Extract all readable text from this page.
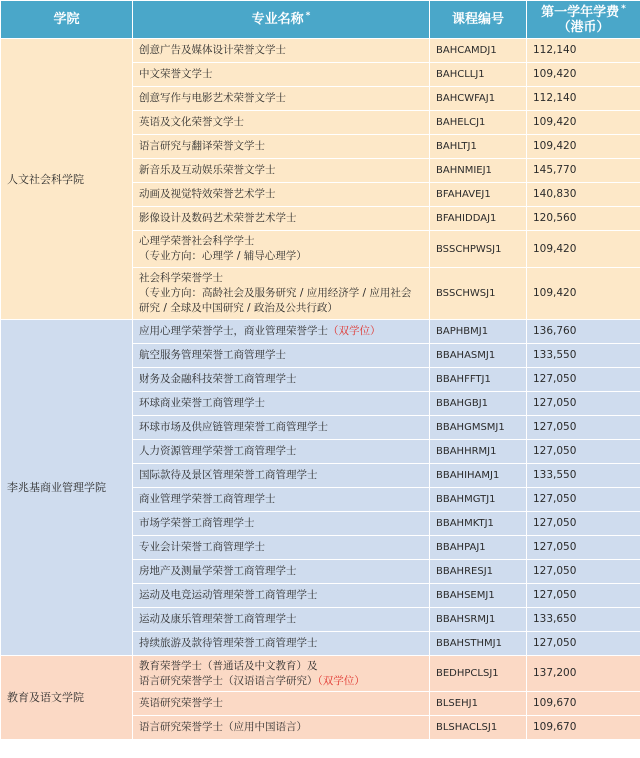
学院	专业名称 *	课程编号	第一学年学费 *
（港币）
人文社会科学院	创意广告及媒体设计荣誉文学士	BAHCAMDJ1	112,140
	中文荣誉文学士	BAHCLLJ1	109,420
	创意写作与电影艺术荣誉文学士	BAHCWFAJ1	112,140
	英语及文化荣誉文学士	BAHELCJ1	109,420
	语言研究与翻译荣誉文学士	BAHLTJ1	109,420
	新音乐及互动娱乐荣誉文学士	BAHNMIEJ1	145,770
	动画及视觉特效荣誉艺术学士	BFAHAVEJ1	140,830
	影像设计及数码艺术荣誉艺术学士	BFAHIDDAJ1	120,560
	心理学荣誉社会科学学士
（专业方向：心理学 / 辅导心理学）	BSSCHPWSJ1	109,420
	社会科学荣誉学士
（专业方向：高龄社会及服务研究 / 应用经济学 / 应用社会
研究 / 全球及中国研究 / 政治及公共行政）	BSSCHWSJ1	109,420
李兆基商业管理学院	应用心理学荣誉学士，商业管理荣誉学士（双学位）	BAPHBMJ1	136,760
	航空服务管理荣誉工商管理学士	BBAHASMJ1	133,550
	财务及金融科技荣誉工商管理学士	BBAHFFTJ1	127,050
	环球商业荣誉工商管理学士	BBAHGBJ1	127,050
	环球市场及供应链管理荣誉工商管理学士	BBAHGMSMJ1	127,050
	人力资源管理学荣誉工商管理学士	BBAHHRMJ1	127,050
	国际款待及景区管理荣誉工商管理学士	BBAHIHAMJ1	133,550
	商业管理学荣誉工商管理学士	BBAHMGTJ1	127,050
	市场学荣誉工商管理学士	BBAHMKTJ1	127,050
	专业会计荣誉工商管理学士	BBAHPAJ1	127,050
	房地产及测量学荣誉工商管理学士	BBAHRESJ1	127,050
	运动及电竞运动管理荣誉工商管理学士	BBAHSEMJ1	127,050
	运动及康乐管理荣誉工商管理学士	BBAHSRMJ1	133,650
	持续旅游及款待管理荣誉工商管理学士	BBAHSTHMJ1	127,050
教育及语文学院	教育荣誉学士（普通话及中文教育）及
语言研究荣誉学士（汉语语言学研究）（双学位）	BEDHPCLSJ1	137,200
	英语研究荣誉学士	BLSEHJ1	109,670
	语言研究荣誉学士（应用中国语言）	BLSHACLSJ1	109,670
